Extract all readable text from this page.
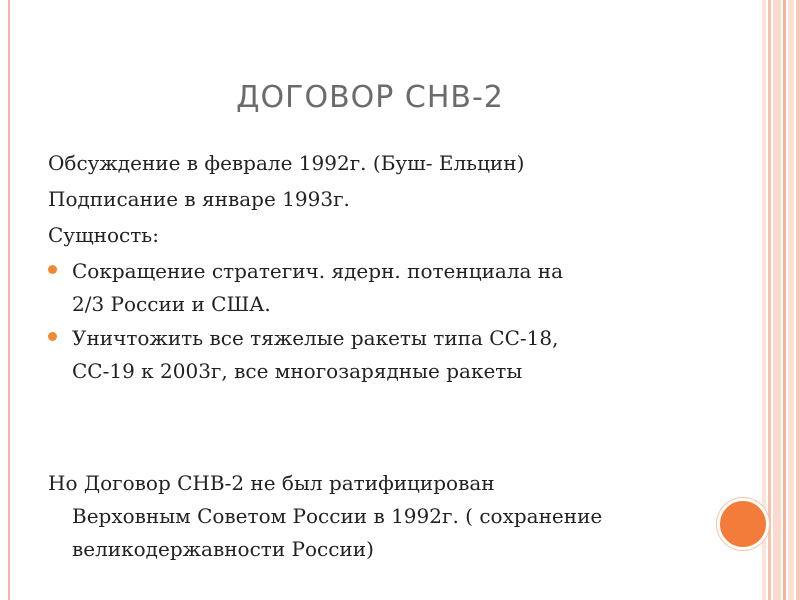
ДОГОВОР СНВ-2
Обсуждение в феврале 1992г. (Буш- Ельцин)
Подписание в январе 1993г.
Сущность:
Сокращение стратегич. ядерн. потенциала на
2/3 России и США.
Уничтожить все тяжелые ракеты типа СС-18,
СС-19 к 2003г, все многозарядные ракеты
Но Договор СНВ-2 не был ратифицирован
Верховным Советом России в 1992г. ( сохранение
великодержавности России)
